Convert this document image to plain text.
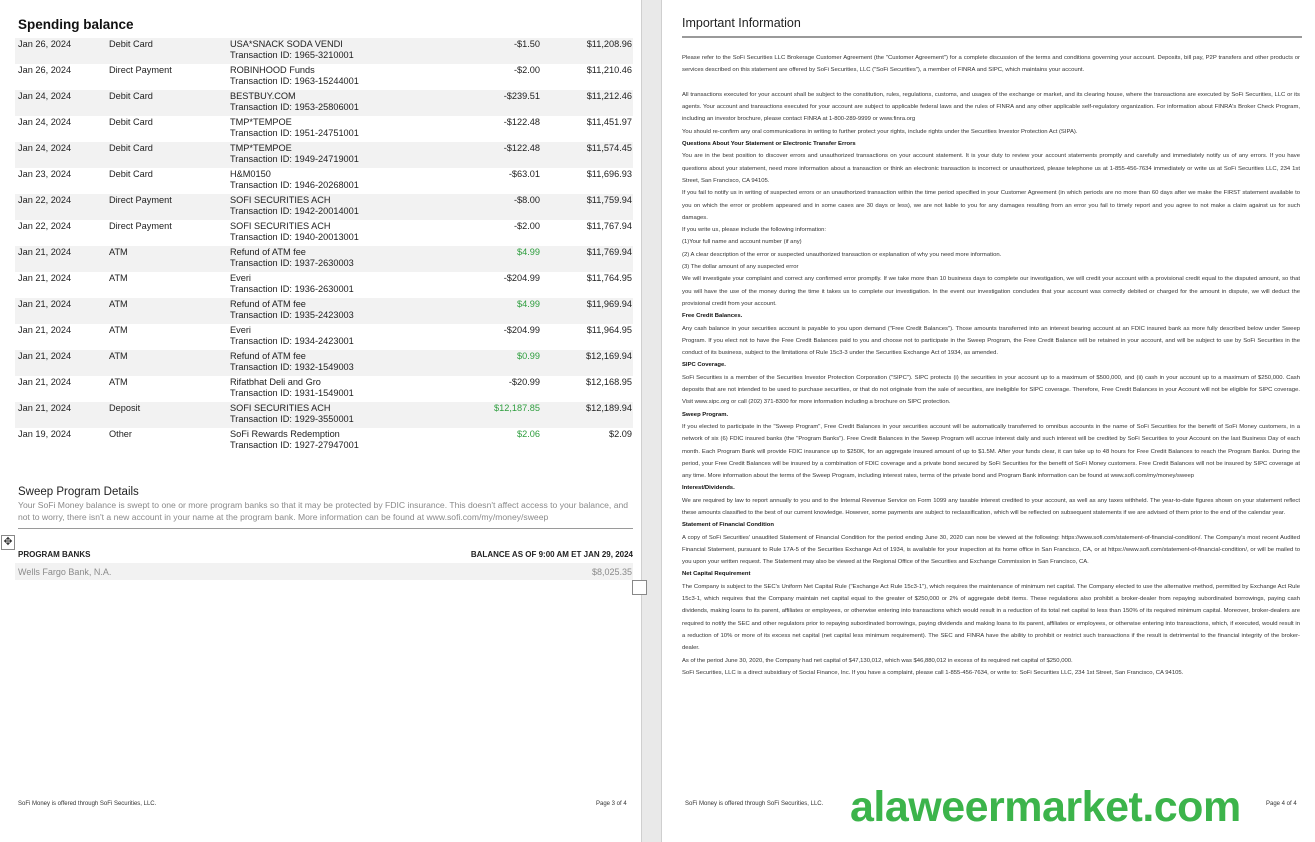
Spending balance
Jan 26, 2024	Debit Card	USA*SNACK SODA VENDI
Transaction ID: 1965-3210001	-$1.50	$11,208.96
Jan 26, 2024	Direct Payment	ROBINHOOD Funds
Transaction ID: 1963-15244001	-$2.00	$11,210.46
Jan 24, 2024	Debit Card	BESTBUY.COM
Transaction ID: 1953-25806001	-$239.51	$11,212.46
Jan 24, 2024	Debit Card	TMP*TEMPOE
Transaction ID: 1951-24751001	-$122.48	$11,451.97
Jan 24, 2024	Debit Card	TMP*TEMPOE
Transaction ID: 1949-24719001	-$122.48	$11,574.45
Jan 23, 2024	Debit Card	H&M0150
Transaction ID: 1946-20268001	-$63.01	$11,696.93
Jan 22, 2024	Direct Payment	SOFI SECURITIES ACH
Transaction ID: 1942-20014001	-$8.00	$11,759.94
Jan 22, 2024	Direct Payment	SOFI SECURITIES ACH
Transaction ID: 1940-20013001	-$2.00	$11,767.94
Jan 21, 2024	ATM	Refund of ATM fee
Transaction ID: 1937-2630003	$4.99	$11,769.94
Jan 21, 2024	ATM	Everi
Transaction ID: 1936-2630001	-$204.99	$11,764.95
Jan 21, 2024	ATM	Refund of ATM fee
Transaction ID: 1935-2423003	$4.99	$11,969.94
Jan 21, 2024	ATM	Everi
Transaction ID: 1934-2423001	-$204.99	$11,964.95
Jan 21, 2024	ATM	Refund of ATM fee
Transaction ID: 1932-1549003	$0.99	$12,169.94
Jan 21, 2024	ATM	Rifatbhat Deli and Gro
Transaction ID: 1931-1549001	-$20.99	$12,168.95
Jan 21, 2024	Deposit	SOFI SECURITIES ACH
Transaction ID: 1929-3550001	$12,187.85	$12,189.94
Jan 19, 2024	Other	SoFi Rewards Redemption
Transaction ID: 1927-27947001	$2.06	$2.09
Sweep Program Details
Your SoFi Money balance is swept to one or more program banks so that it may be protected by FDIC insurance. This doesn't affect access to your balance, and not to worry, there isn't a new account in your name at the program bank. More information can be found at www.sofi.com/my/money/sweep
✥
PROGRAM BANKS	BALANCE AS OF 9:00 AM ET JAN 29, 2024
Wells Fargo Bank, N.A.	$8,025.35
SoFi Money is offered through SoFi Securities, LLC.	Page 3 of 4
Important Information

Please refer to the SoFi Securities LLC Brokerage Customer Agreement (the "Customer Agreement") for a complete discussion of the terms and conditions governing your account. Deposits, bill pay, P2P transfers and other products or services described on this statement are offered by SoFi Securities, LLC ("SoFi Securities"), a member of FINRA and SIPC, which maintains your account.

All transactions executed for your account shall be subject to the constitution, rules, regulations, customs, and usages of the exchange or market, and its clearing house, where the transactions are executed by SoFi Securities, LLC or its agents. Your account and transactions executed for your account are subject to applicable federal laws and the rules of FINRA and any other applicable self-regulatory organization. For information about FINRA's Broker Check Program, including an investor brochure, please contact FINRA at 1-800-289-9999 or www.finra.org

You should re-confirm any oral communications in writing to further protect your rights, include rights under the Securities Investor Protection Act (SIPA).

Questions About Your Statement or Electronic Transfer Errors

You are in the best position to discover errors and unauthorized transactions on your account statement. It is your duty to review your account statements promptly and carefully and immediately notify us of any errors. If you have questions about your statement, need more information about a transaction or think an electronic transaction is incorrect or unauthorized, please telephone us at 1-855-456-7634 immediately or write us at SoFi Securities LLC, 234 1st Street, San Francisco, CA 94105.

If you fail to notify us in writing of suspected errors or an unauthorized transaction within the time period specified in your Customer Agreement (in which periods are no more than 60 days after we make the FIRST statement available to you on which the error or problem appeared and in some cases are 30 days or less), we are not liable to you for any damages resulting from an error you fail to timely report and you agree to not make a claim against us for such damages.

If you write us, please include the following information:

(1)Your full name and account number (if any)

(2) A clear description of the error or suspected unauthorized transaction or explanation of why you need more information.

(3) The dollar amount of any suspected error

We will investigate your complaint and correct any confirmed error promptly. If we take more than 10 business days to complete our investigation, we will credit your account with a provisional credit equal to the disputed amount, so that you will have the use of the money during the time it takes us to complete our investigation. In the event our investigation concludes that your account was correctly debited or charged for the amount in dispute, we will deduct the provisional credit from your account.

Free Credit Balances.

Any cash balance in your securities account is payable to you upon demand ("Free Credit Balances"). Those amounts transferred into an interest bearing account at an FDIC insured bank as more fully described below under Sweep Program. If you elect not to have the Free Credit Balances paid to you and choose not to participate in the Sweep Program, the Free Credit Balance will be retained in your account, and will be subject to use by SoFi Securities in the conduct of its business, subject to the limitations of Rule 15c3-3 under the Securities Exchange Act of 1934, as amended.

SIPC Coverage.

SoFi Securities is a member of the Securities Investor Protection Corporation ("SIPC"). SIPC protects (i) the securities in your account up to a maximum of $500,000, and (ii) cash in your account up to a maximum of $250,000. Cash deposits that are not intended to be used to purchase securities, or that do not originate from the sale of securities, are ineligible for SIPC coverage. Therefore, Free Credit Balances in your Account will not be eligible for SIPC coverage. Visit www.sipc.org or call (202) 371-8300 for more information including a brochure on SIPC protection.

Sweep Program.

If you elected to participate in the "Sweep Program", Free Credit Balances in your securities account will be automatically transferred to omnibus accounts in the name of SoFi Securities for the benefit of SoFi Money customers, in a network of six (6) FDIC insured banks (the "Program Banks"). Free Credit Balances in the Sweep Program will accrue interest daily and such interest will be credited by SoFi Securities to your Account on the last Business Day of each month. Each Program Bank will provide FDIC insurance up to $250K, for an aggregate insured amount of up to $1.5M. After your funds clear, it can take up to 48 hours for Free Credit Balances to reach the Program Banks. During the period, your Free Credit Balances will be insured by a combination of FDIC coverage and a private bond secured by SoFi Securities for the benefit of SoFi Money customers. Free Credit Balances will not be insured by SIPC coverage at any time. More information about the terms of the Sweep Program, including interest rates, terms of the private bond and Program Bank information can be found at www.sofi.com/my/money/sweep

Interest/Dividends.

We are required by law to report annually to you and to the Internal Revenue Service on Form 1099 any taxable interest credited to your account, as well as any taxes withheld. The year-to-date figures shown on your statement reflect these amounts classified to the best of our current knowledge. However, some payments are subject to reclassification, which will be reflected on subsequent statements if we are advised of them prior to the end of the calendar year.

Statement of Financial Condition

A copy of SoFi Securities' unaudited Statement of Financial Condition for the period ending June 30, 2020 can now be viewed at the following: https://www.sofi.com/statement-of-financial-condition/. The Company's most recent Audited Financial Statement, pursuant to Rule 17A-5 of the Securities Exchange Act of 1934, is available for your inspection at its home office in San Francisco, CA, or at https://www.sofi.com/statement-of-financial-condition/, or will be mailed to you upon your written request. The Statement may also be viewed at the Regional Office of the Securities and Exchange Commission in San Francisco, CA.

Net Capital Requirement

The Company is subject to the SEC's Uniform Net Capital Rule ("Exchange Act Rule 15c3-1"), which requires the maintenance of minimum net capital. The Company elected to use the alternative method, permitted by Exchange Act Rule 15c3-1, which requires that the Company maintain net capital equal to the greater of $250,000 or 2% of aggregate debit items. These regulations also prohibit a broker-dealer from repaying subordinated borrowings, paying cash dividends, making loans to its parent, affiliates or employees, or otherwise entering into transactions which would result in a reduction of its total net capital to less than 150% of its required minimum capital. Moreover, broker-dealers are required to notify the SEC and other regulators prior to repaying subordinated borrowings, paying dividends and making loans to its parent, affiliates or employees, or otherwise entering into transactions, which, if executed, would result in a reduction of 10% or more of its excess net capital (net capital less minimum requirement). The SEC and FINRA have the ability to prohibit or restrict such transactions if the result is detrimental to the financial integrity of the broker-dealer.

As of the period June 30, 2020, the Company had net capital of $47,130,012, which was $46,880,012 in excess of its required net capital of $250,000.

SoFi Securities, LLC is a direct subsidiary of Social Finance, Inc. If you have a complaint, please call 1-855-456-7634, or write to: SoFi Securities LLC, 234 1st Street, San Francisco, CA 94105.

SoFi Money is offered through SoFi Securities, LLC. alaweermarket.com	Page 4 of 4
